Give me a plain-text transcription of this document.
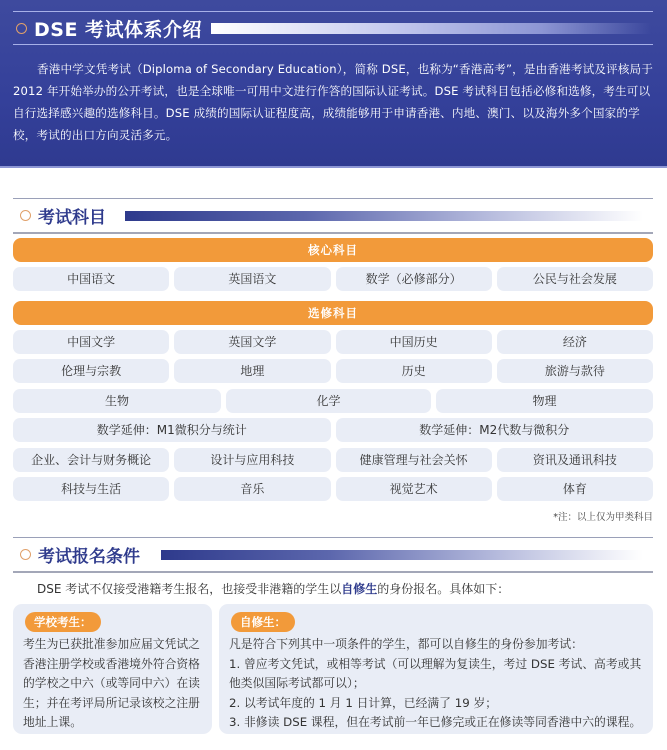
DSE 考试体系介绍

香港中学文凭考试（Diploma of Secondary Education），简称 DSE，也称为“香港高考”，是由香港考试及评核局于 2012 年开始举办的公开考试，也是全球唯一可用中文进行作答的国际认证考试。DSE 考试科目包括必修和选修，考生可以自行选择感兴趣的选修科目。DSE 成绩的国际认证程度高，成绩能够用于申请香港、内地、澳门、以及海外多个国家的学校，考试的出口方向灵活多元。

考试科目
核心科目
中国语文	英国语文	数学（必修部分）	公民与社会发展
选修科目
中国文学	英国文学	中国历史	经济
伦理与宗教	地理	历史	旅游与款待
生物	化学	物理
数学延伸：M1微积分与统计	数学延伸：M2代数与微积分
企业、会计与财务概论	设计与应用科技	健康管理与社会关怀	资讯及通讯科技
科技与生活	音乐	视觉艺术	体育
*注：以上仅为甲类科目
考试报名条件

DSE 考试不仅接受港籍考生报名，也接受非港籍的学生以自修生的身份报名。具体如下：

学校考生：

考生为已获批准参加应届文凭试之香港注册学校或香港境外符合资格的学校之中六（或等同中六）在读生；并在考评局所记录该校之注册地址上课。

自修生：
凡是符合下列其中一项条件的学生，都可以自修生的身份参加考试：
1. 曾应考文凭试，或相等考试（可以理解为复读生，考过 DSE 考试、高考或其他类似国际考试都可以）；
2. 以考试年度的 1 月 1 日计算，已经满了 19 岁；
3. 非修读 DSE 课程，但在考试前一年已修完或正在修读等同香港中六的课程。
